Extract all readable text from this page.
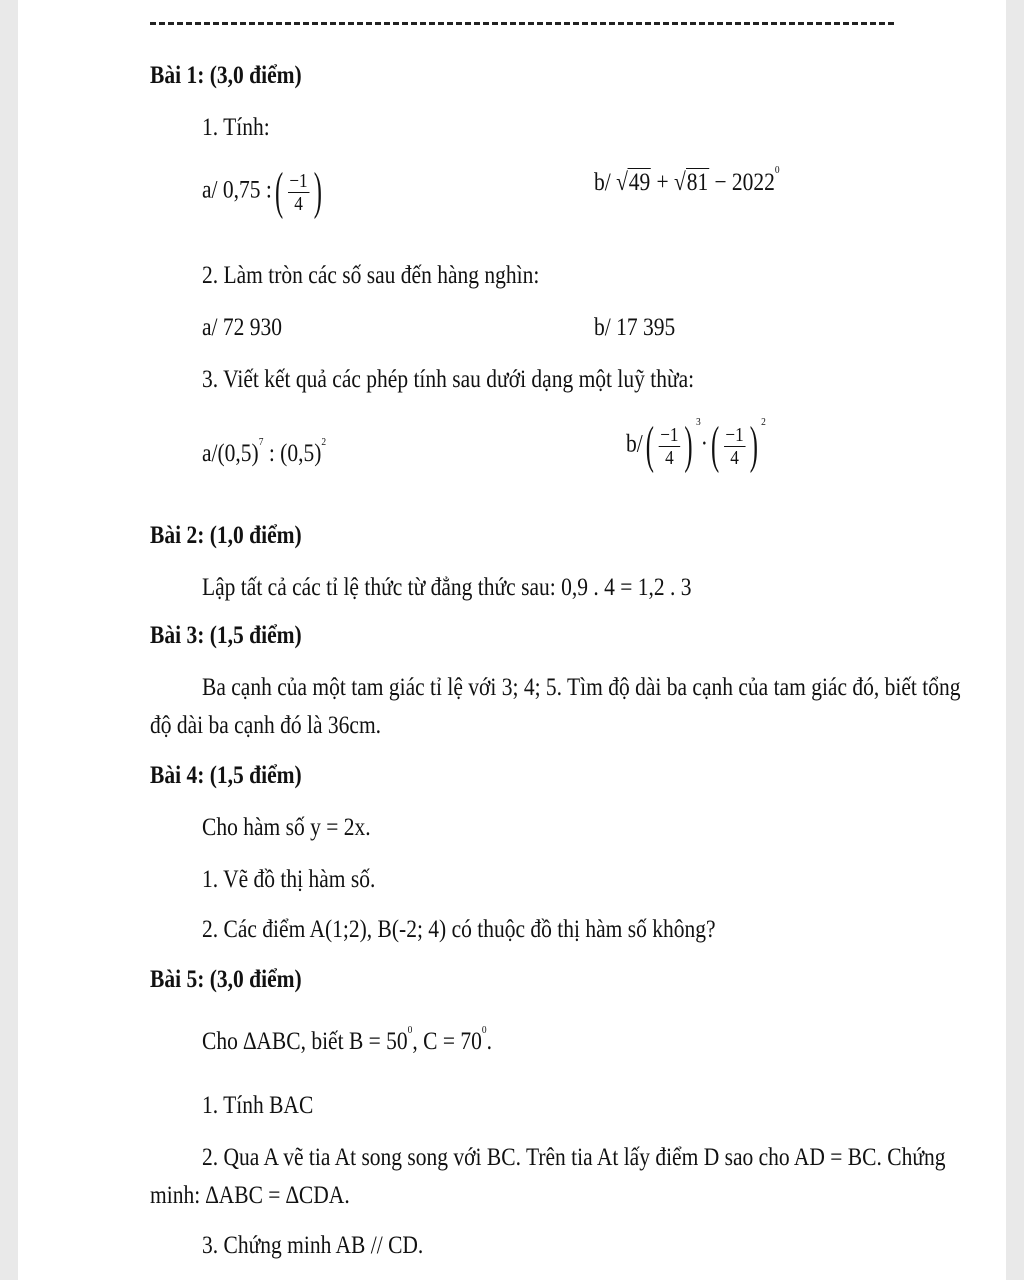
Bài 1: (3,0 điểm)
1. Tính:
a/ 0,75 :( $\frac{-1}{4}$ )	b/ $√49 + √81 - 2022^0$
2. Làm tròn các số sau đến hàng nghìn:
a/ 72 930	b/ 17 395
3. Viết kết quả các phép tính sau dưới dạng một luỹ thừa:
$a/(0,5)^7$ : $(0,5)^2$	$b/( \frac{-1}{4}$ ) $^3\cdot( \frac{-1}{4}$ ) $^2$
Bài 2: (1,0 điểm)
Lập tất cả các tỉ lệ thức từ đẳng thức sau: 0,9 . 4 = 1,2 . 3
Bài 3: (1,5 điểm)
Ba cạnh của một tam giác tỉ lệ với 3; 4; 5. Tìm độ dài ba cạnh của tam giác đó, biết tổng
độ dài ba cạnh đó là 36cm.
Bài 4: (1,5 điểm)
Cho hàm số y = 2x.
1. Vẽ đồ thị hàm số.
2. Các điểm A(1;2), B(-2; 4) có thuộc đồ thị hàm số không?
Bài 5: (3,0 điểm)
Cho ∆ABC, biết $B = 50^0$, $C = 70^0$.
1. Tính BAC
2. Qua A vẽ tia At song song với BC. Trên tia At lấy điểm D sao cho AD = BC. Chứng
minh: ∆ABC = ∆CDA.
3. Chứng minh AB // CD.
